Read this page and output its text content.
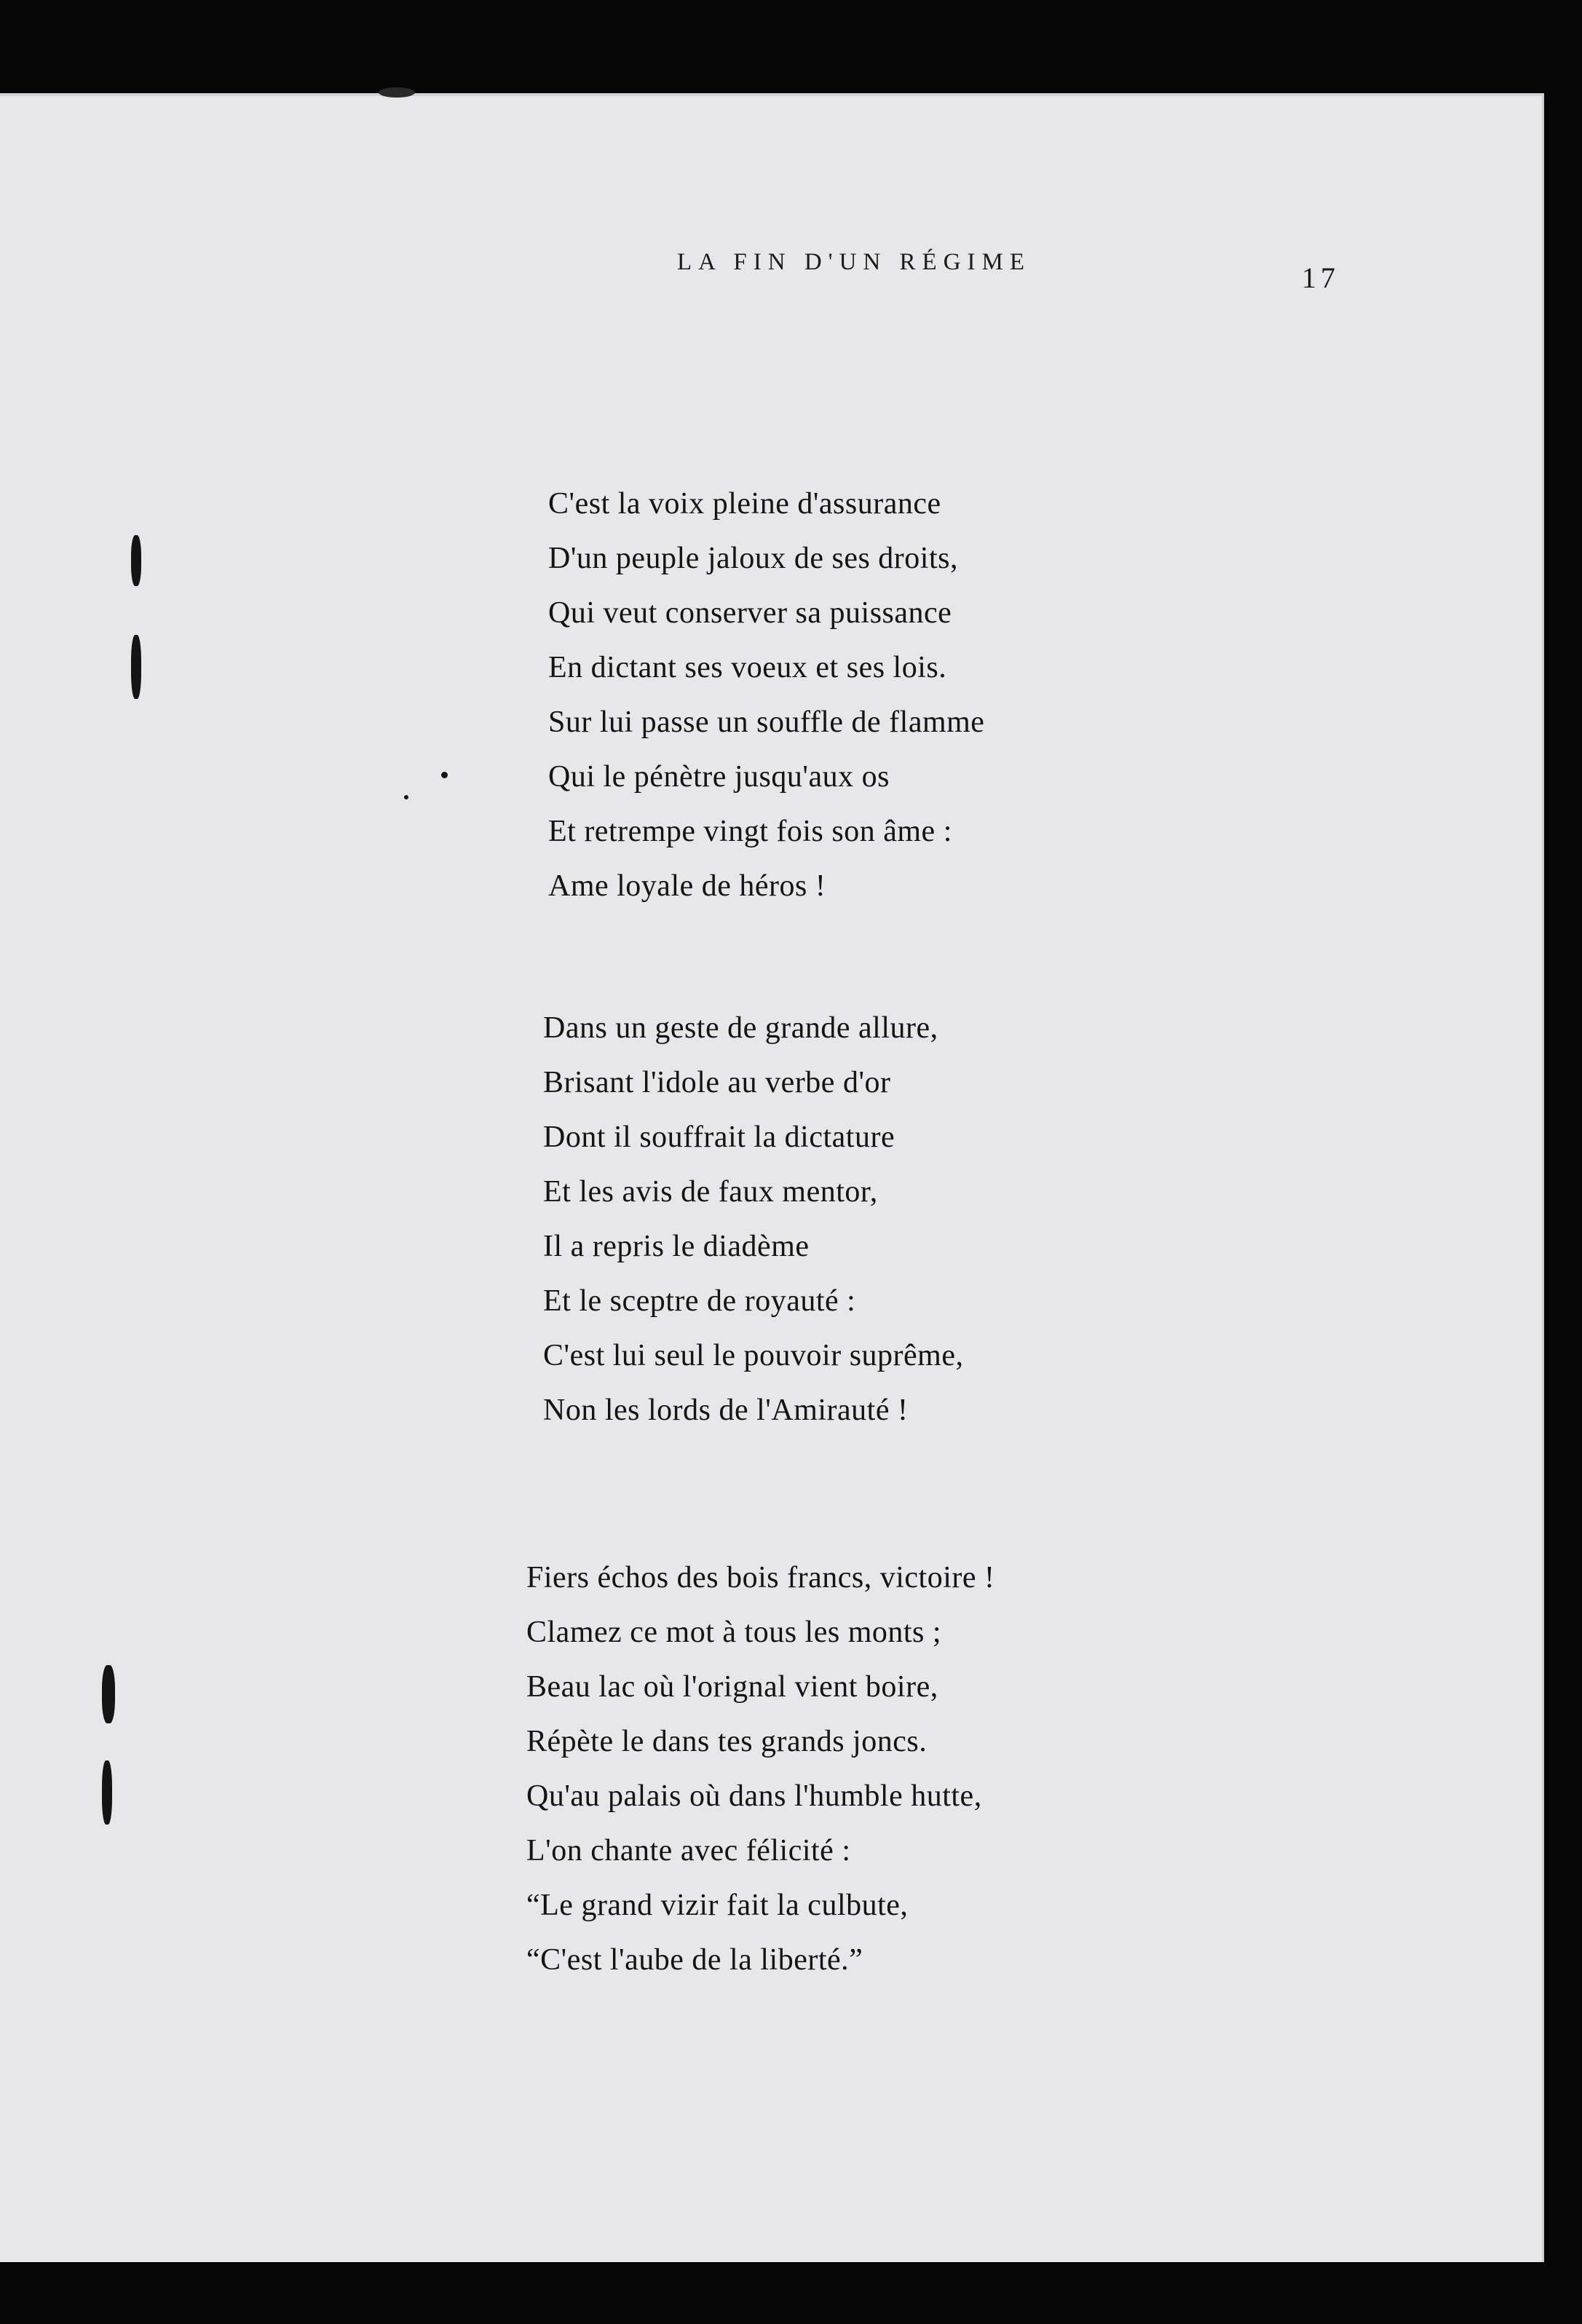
LA FIN D'UN RÉGIME	17
C'est la voix pleine d'assurance
D'un peuple jaloux de ses droits,
Qui veut conserver sa puissance
En dictant ses voeux et ses lois.
Sur lui passe un souffle de flamme
Qui le pénètre jusqu'aux os
Et retrempe vingt fois son âme :
Ame loyale de héros !
Dans un geste de grande allure,
Brisant l'idole au verbe d'or
Dont il souffrait la dictature
Et les avis de faux mentor,
Il a repris le diadème
Et le sceptre de royauté :
C'est lui seul le pouvoir suprême,
Non les lords de l'Amirauté !
Fiers échos des bois francs, victoire !
Clamez ce mot à tous les monts ;
Beau lac où l'orignal vient boire,
Répète le dans tes grands joncs.
Qu'au palais où dans l'humble hutte,
L'on chante avec félicité :
“Le grand vizir fait la culbute,
“C'est l'aube de la liberté.”
